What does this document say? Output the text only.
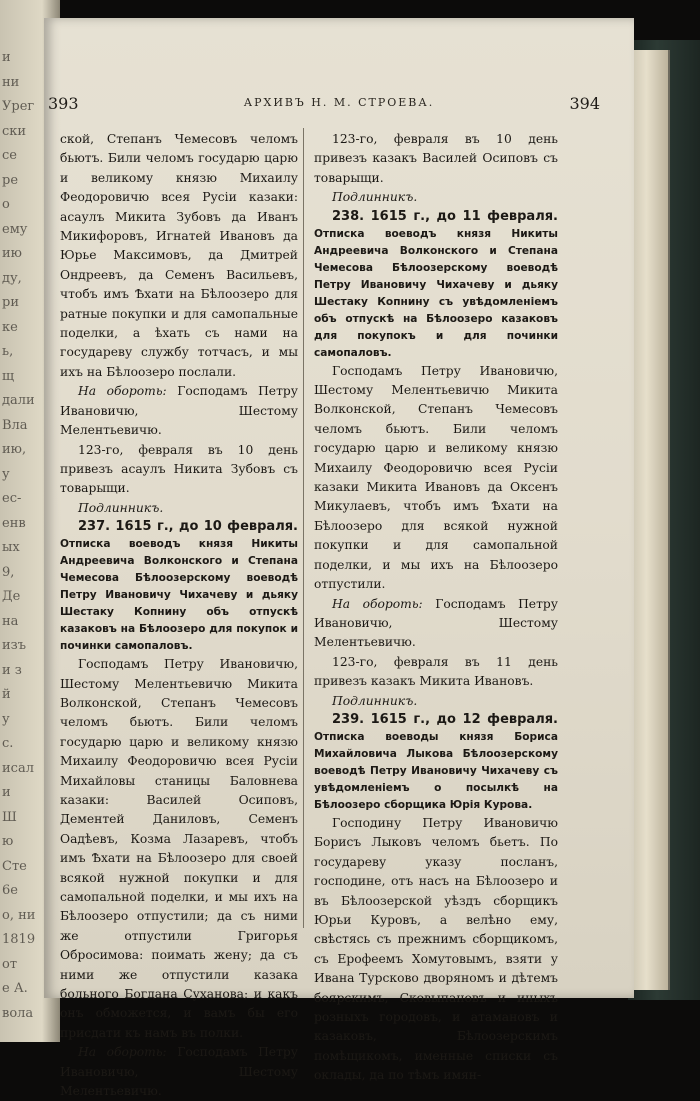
и
ни
Урег
ски
се
ре
о
ему
ию
ду,
ри
ке
ь,
щ
дали
Вла
ию,
у
ес-
енв
ых
9,
Де
на
изъ
и з
й
у
с.
исал
и
Ш
ю
Сте
6е
о, ни
1819
от
е А.
вола
393	АРХИВЪ Н. М. СТРОЕВА.	394

ской, Степанъ Чемесовъ челомъ бьютъ. Били челомъ государю царю и великому князю Михаилу Феодоровичю всея Русiи казаки: асаулъ Микита Зубовъ да Иванъ Микифоровъ, Игнатей Ивановъ да Юрье Максимовъ, да Дмитрей Ондреевъ, да Семенъ Васильевъ, чтобъ имъ Ѣхати на Бѣлоозеро для ратные покупки и для самопальные поделки, а ѣхать съ нами на государеву службу тотчасъ, и мы ихъ на Бѣлоозеро послали.

На обороть: Господамъ Петру Ивановичю, Шестому Мелентьевичю.

123-го, февраля въ 10 день привезъ асаулъ Никита Зубовъ съ товарыщи.

Подлинникъ.

237. 1615 г., до 10 февраля. Отписка воеводъ князя Никиты Андреевича Волконского и Степана Чемесова Бѣлоозерскому воеводѣ Петру Ивановичу Чихачеву и дьяку Шестаку Копнину объ отпускѣ казаковъ на Бѣлоозеро для покупок и починки самопаловъ.

Господамъ Петру Ивановичю, Шестому Мелентьевичю Микита Волконской, Степанъ Чемесовъ челомъ бьютъ. Били челомъ государю царю и великому князю Михаилу Феодоровичю всея Русiи Михайловы станицы Баловнева казаки: Василей Осиповъ, Дементей Даниловъ, Семенъ Оадѣевъ, Козма Лазаревъ, чтобъ имъ Ѣхати на Бѣлоозеро для своей всякой нужной покупки и для самопальной поделки, и мы ихъ на Бѣлоозеро отпустили; да съ ними же отпустили Григорья Обросимова: поимать жену; да съ ними же отпустили казака больного Богдана Суханова; и какъ онъ обможется, и вамъ бы его присдати къ намъ въ полки.

На обороть: Господамъ Петру Ивановичю, Шестому Мелентьевичю.

123-го, февраля въ 10 день привезъ казакъ Василей Осиповъ съ товарыщи.

Подлинникъ.

238. 1615 г., до 11 февраля. Отписка воеводъ князя Никиты Андреевича Волконского и Степана Чемесова Бѣлоозерскому воеводѣ Петру Ивановичу Чихачеву и дьяку Шестаку Копнину съ увѣдомленiемъ объ отпускѣ на Бѣлоозеро казаковъ для покупокъ и для починки самопаловъ.

Господамъ Петру Ивановичю, Шестому Мелентьевичю Микита Волконской, Степанъ Чемесовъ челомъ бьютъ. Били челомъ государю царю и великому князю Михаилу Феодоровичю всея Русiи казаки Микита Ивановъ да Оксенъ Микулаевъ, чтобъ имъ Ѣхати на Бѣлоозеро для всякой нужной покупки и для самопальной поделки, и мы ихъ на Бѣлоозеро отпустили.

На обороть: Господамъ Петру Ивановичю, Шестому Мелентьевичю.

123-го, февраля въ 11 день привезъ казакъ Микита Ивановъ.

Подлинникъ.

239. 1615 г., до 12 февраля. Отписка воеводы князя Бориса Михайловича Лыкова Бѣлоозерскому воеводѣ Петру Ивановичу Чихачеву съ увѣдомленiемъ о посылкѣ на Бѣлоозеро сборщика Юрія Курова.

Господину Петру Ивановичю Борисъ Лыковъ челомъ бьетъ. По государеву указу посланъ, господине, отъ насъ на Бѣлоозеро и въ Бѣлоозерской уѣздъ сборщикъ Юрьи Куровъ, а велѣно ему, свѣстясь съ прежнимъ сборщикомъ, съ Ерофеемъ Хомутовымъ, взяти у Ивана Турсково дворяномъ и дѣтемъ боярскимъ, Сковыпановъ и иныхъ розныхъ городовъ, и атамановъ и казаковъ, Бѣлоозерскимъ помѣщикомъ, именные списки съ оклады, да по тѣмъ имян-
